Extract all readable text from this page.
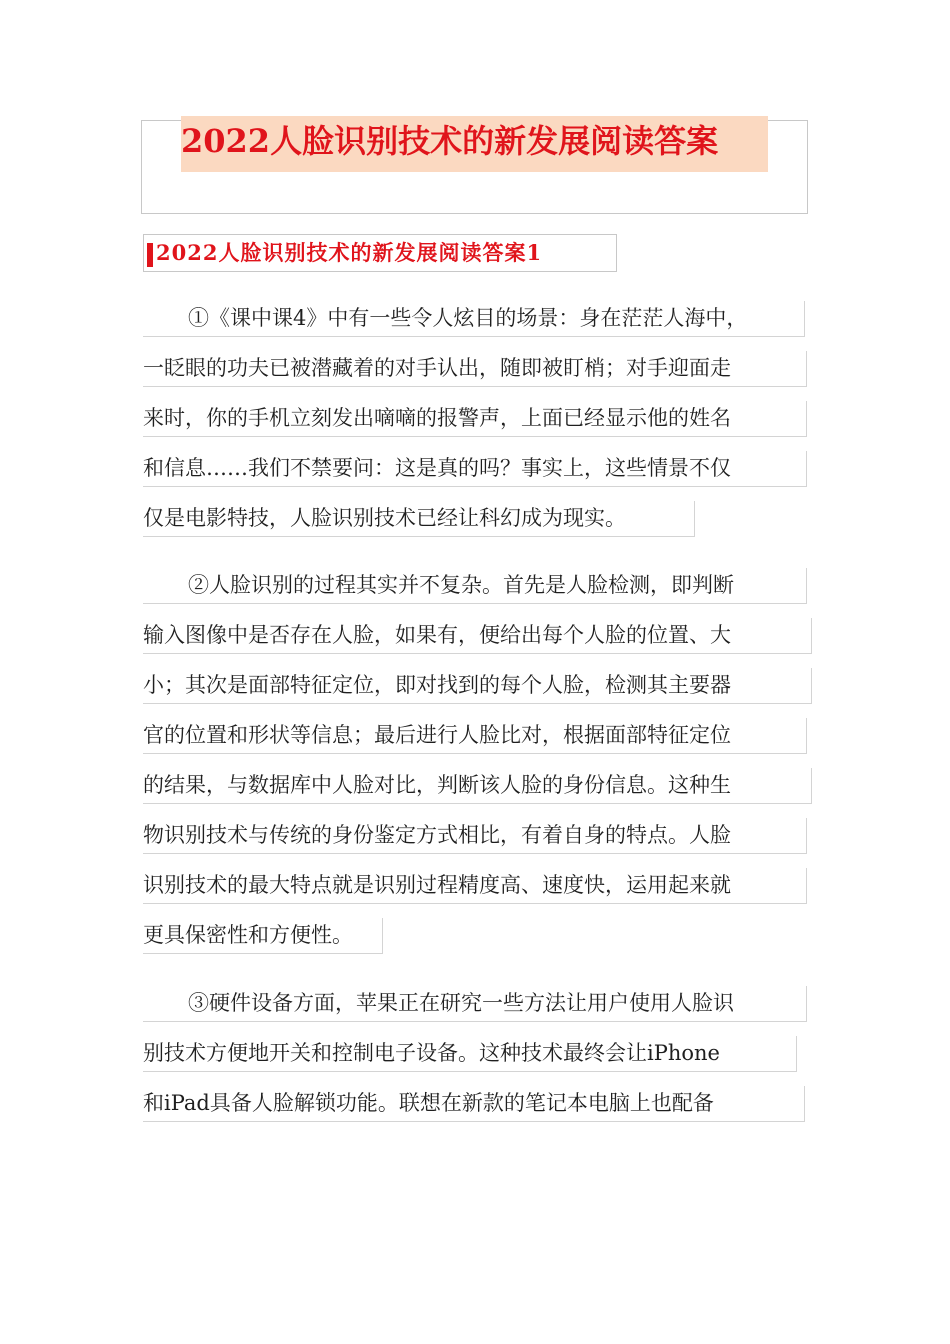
2022人脸识别技术的新发展阅读答案
2022人脸识别技术的新发展阅读答案1
①《课中课4》中有一些令人炫目的场景：身在茫茫人海中，
一眨眼的功夫已被潜藏着的对手认出，随即被盯梢；对手迎面走
来时，你的手机立刻发出嘀嘀的报警声，上面已经显示他的姓名
和信息……我们不禁要问：这是真的吗？事实上，这些情景不仅
仅是电影特技，人脸识别技术已经让科幻成为现实。
②人脸识别的过程其实并不复杂。首先是人脸检测，即判断
输入图像中是否存在人脸，如果有，便给出每个人脸的位置、大
小；其次是面部特征定位，即对找到的每个人脸，检测其主要器
官的位置和形状等信息；最后进行人脸比对，根据面部特征定位
的结果，与数据库中人脸对比，判断该人脸的身份信息。这种生
物识别技术与传统的身份鉴定方式相比，有着自身的特点。人脸
识别技术的最大特点就是识别过程精度高、速度快，运用起来就
更具保密性和方便性。
③硬件设备方面，苹果正在研究一些方法让用户使用人脸识
别技术方便地开关和控制电子设备。这种技术最终会让iPhone
和iPad具备人脸解锁功能。联想在新款的笔记本电脑上也配备
